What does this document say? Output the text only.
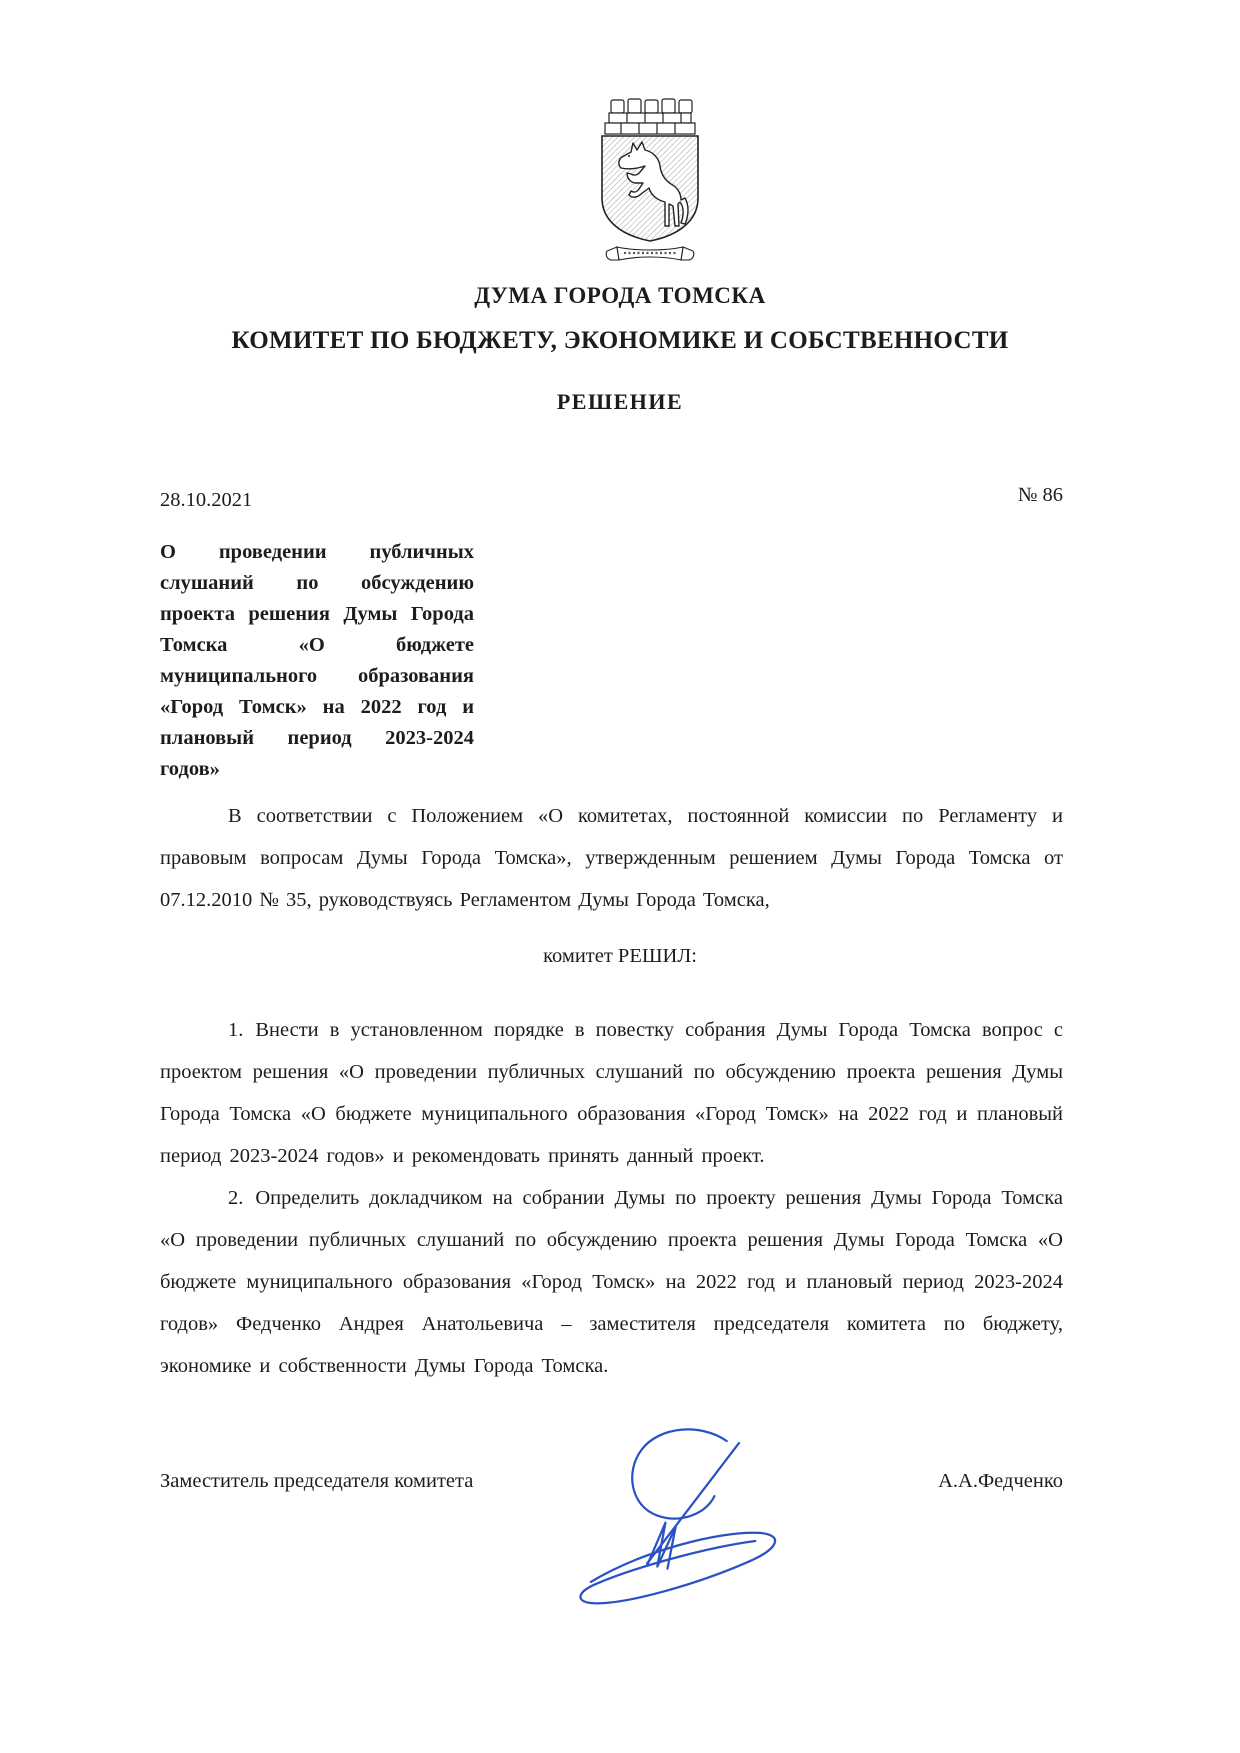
ДУМА ГОРОДА ТОМСКА
КОМИТЕТ ПО БЮДЖЕТУ, ЭКОНОМИКЕ И СОБСТВЕННОСТИ
РЕШЕНИЕ
28.10.2021	№ 86
О проведении публичных слушаний по обсуждению проекта решения Думы Города Томска «О бюджете муниципального образования «Город Томск» на 2022 год и плановый период 2023-2024 годов»

В соответствии с Положением «О комитетах, постоянной комиссии по Регламенту и правовым вопросам Думы Города Томска», утвержденным решением Думы Города Томска от 07.12.2010 № 35, руководствуясь Регламентом Думы Города Томска,

комитет РЕШИЛ:

1. Внести в установленном порядке в повестку собрания Думы Города Томска вопрос с проектом решения «О проведении публичных слушаний по обсуждению проекта решения Думы Города Томска «О бюджете муниципального образования «Город Томск» на 2022 год и плановый период 2023-2024 годов» и рекомендовать принять данный проект.

2. Определить докладчиком на собрании Думы по проекту решения Думы Города Томска «О проведении публичных слушаний по обсуждению проекта решения Думы Города Томска «О бюджете муниципального образования «Город Томск» на 2022 год и плановый период 2023-2024 годов» Федченко Андрея Анатольевича – заместителя председателя комитета по бюджету, экономике и собственности Думы Города Томска.

Заместитель председателя комитета	А.А.Федченко
